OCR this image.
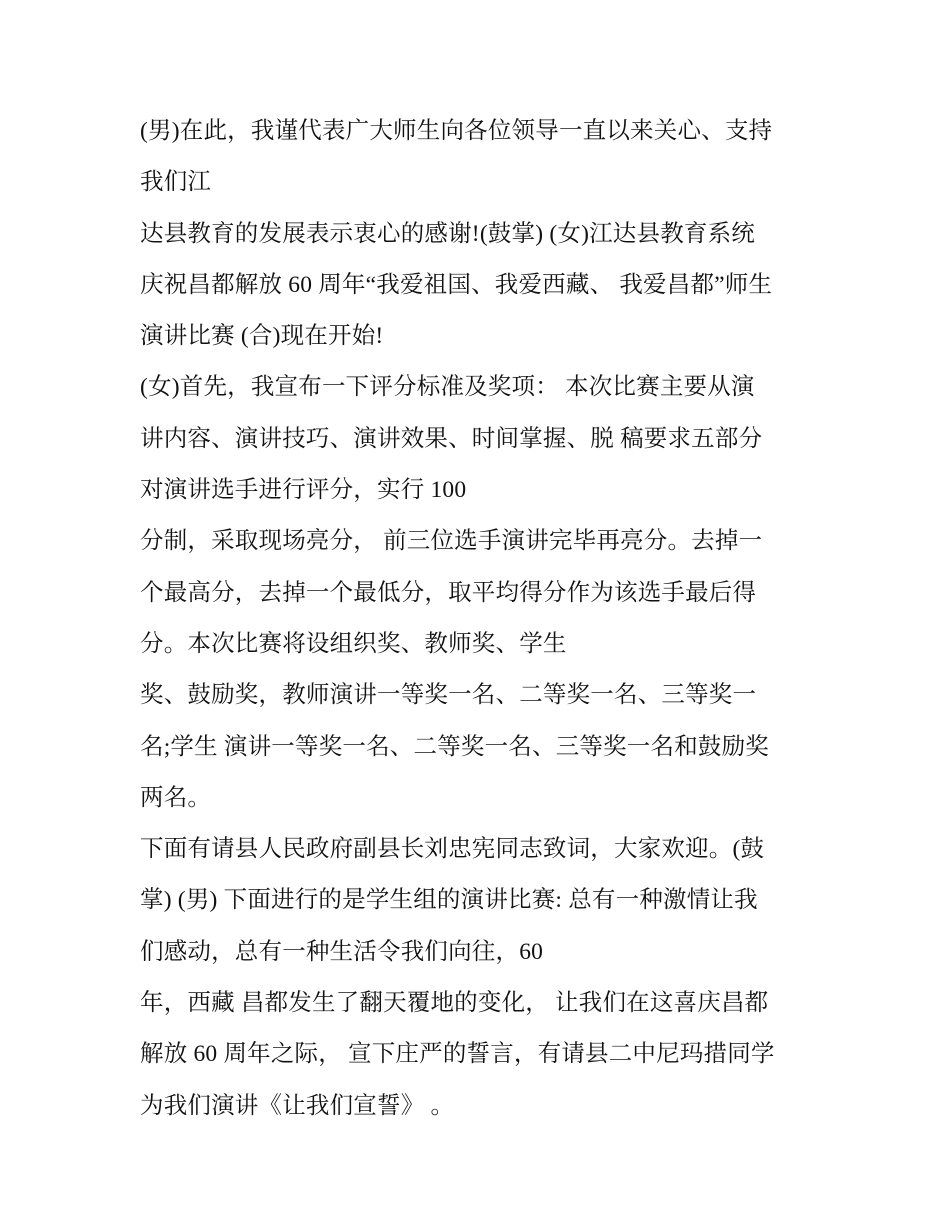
(男)在此，我谨代表广大师生向各位领导一直以来关心、支持
我们江
达县教育的发展表示衷心的感谢!(鼓掌) (女)江达县教育系统
庆祝昌都解放 60 周年“我爱祖国、我爱西藏、 我爱昌都”师生
演讲比赛 (合)现在开始!
(女)首先，我宣布一下评分标准及奖项： 本次比赛主要从演
讲内容、演讲技巧、演讲效果、时间掌握、脱 稿要求五部分
对演讲选手进行评分，实行 100
分制，采取现场亮分， 前三位选手演讲完毕再亮分。去掉一
个最高分，去掉一个最低分，取平均得分作为该选手最后得
分。本次比赛将设组织奖、教师奖、学生
奖、鼓励奖，教师演讲一等奖一名、二等奖一名、三等奖一
名;学生 演讲一等奖一名、二等奖一名、三等奖一名和鼓励奖
两名。
下面有请县人民政府副县长刘忠宪同志致词，大家欢迎。(鼓
掌) (男) 下面进行的是学生组的演讲比赛: 总有一种激情让我
们感动，总有一种生活令我们向往，60
年，西藏 昌都发生了翻天覆地的变化， 让我们在这喜庆昌都
解放 60 周年之际， 宣下庄严的誓言，有请县二中尼玛措同学
为我们演讲《让我们宣誓》 。
